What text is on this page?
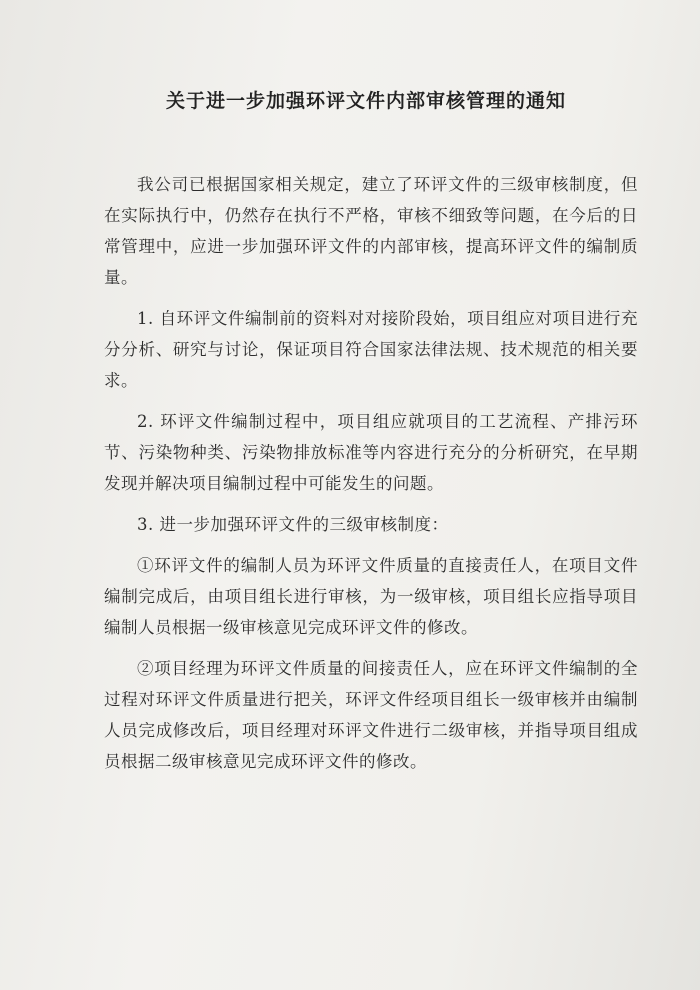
关于进一步加强环评文件内部审核管理的通知

我公司已根据国家相关规定，建立了环评文件的三级审核制度，但在实际执行中，仍然存在执行不严格，审核不细致等问题，在今后的日常管理中，应进一步加强环评文件的内部审核，提高环评文件的编制质量。

1. 自环评文件编制前的资料对对接阶段始，项目组应对项目进行充分分析、研究与讨论，保证项目符合国家法律法规、技术规范的相关要求。

2. 环评文件编制过程中，项目组应就项目的工艺流程、产排污环节、污染物种类、污染物排放标准等内容进行充分的分析研究，在早期发现并解决项目编制过程中可能发生的问题。

3. 进一步加强环评文件的三级审核制度：

①环评文件的编制人员为环评文件质量的直接责任人，在项目文件编制完成后，由项目组长进行审核，为一级审核，项目组长应指导项目编制人员根据一级审核意见完成环评文件的修改。

②项目经理为环评文件质量的间接责任人，应在环评文件编制的全过程对环评文件质量进行把关，环评文件经项目组长一级审核并由编制人员完成修改后，项目经理对环评文件进行二级审核，并指导项目组成员根据二级审核意见完成环评文件的修改。
